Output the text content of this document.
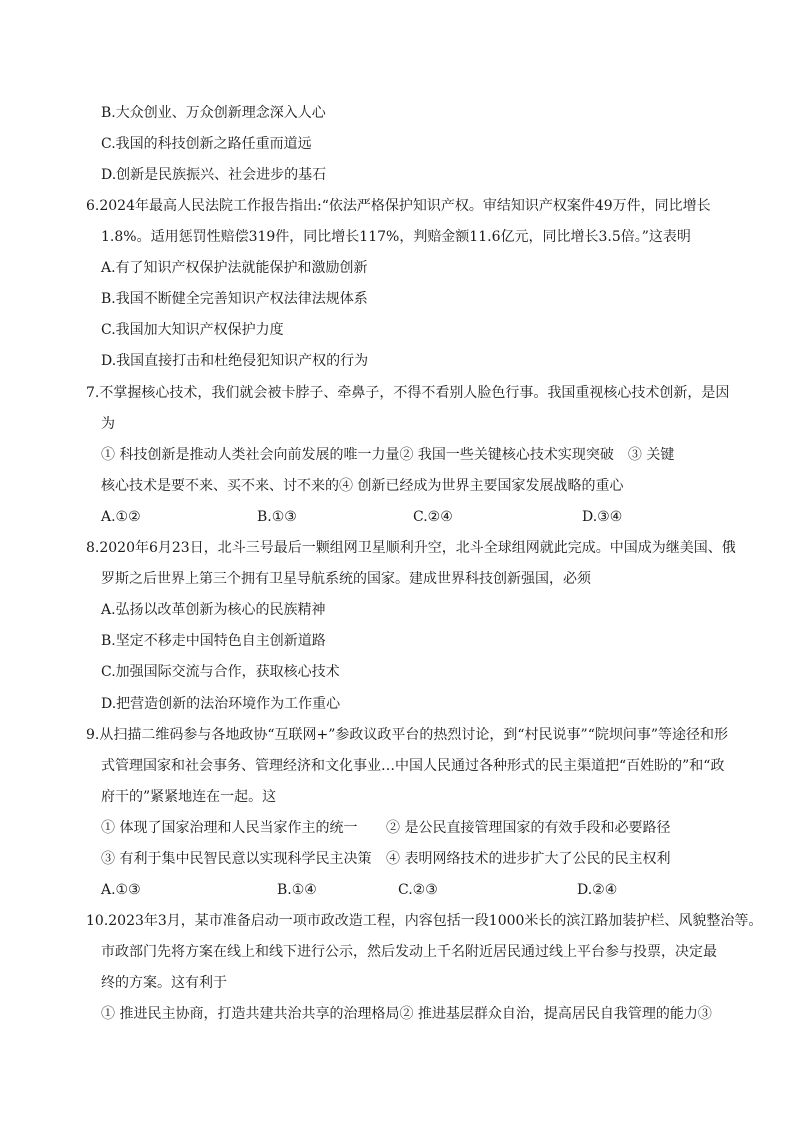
B.大众创业、万众创新理念深入人心
C.我国的科技创新之路任重而道远
D.创新是民族振兴、社会进步的基石
6.2024年最高人民法院工作报告指出:“依法严格保护知识产权。审结知识产权案件49万件，同比增长
1.8%。适用惩罚性赔偿319件，同比增长117%，判赔金额11.6亿元，同比增长3.5倍。”这表明
A.有了知识产权保护法就能保护和激励创新
B.我国不断健全完善知识产权法律法规体系
C.我国加大知识产权保护力度
D.我国直接打击和杜绝侵犯知识产权的行为
7.不掌握核心技术，我们就会被卡脖子、牵鼻子，不得不看别人脸色行事。我国重视核心技术创新，是因
为
① 科技创新是推动人类社会向前发展的唯一力量② 我国一些关键核心技术实现突破　③ 关键
核心技术是要不来、买不来、讨不来的④ 创新已经成为世界主要国家发展战略的重心
A.①②	B.①③	C.②④	D.③④
8.2020年6月23日，北斗三号最后一颗组网卫星顺利升空，北斗全球组网就此完成。中国成为继美国、俄
罗斯之后世界上第三个拥有卫星导航系统的国家。建成世界科技创新强国，必须
A.弘扬以改革创新为核心的民族精神
B.坚定不移走中国特色自主创新道路
C.加强国际交流与合作，获取核心技术
D.把营造创新的法治环境作为工作重心
9.从扫描二维码参与各地政协“互联网+”参政议政平台的热烈讨论，到“村民说事”“院坝问事”等途径和形
式管理国家和社会事务、管理经济和文化事业…中国人民通过各种形式的民主渠道把“百姓盼的”和“政
府干的”紧紧地连在一起。这
① 体现了国家治理和人民当家作主的统一 ② 是公民直接管理国家的有效手段和必要路径
③ 有利于集中民智民意以实现科学民主决策 ④ 表明网络技术的进步扩大了公民的民主权利
A.①③	B.①④	C.②③	D.②④
10.2023年3月，某市准备启动一项市政改造工程，内容包括一段1000米长的滨江路加装护栏、风貌整治等。
市政部门先将方案在线上和线下进行公示，然后发动上千名附近居民通过线上平台参与投票，决定最
终的方案。这有利于
① 推进民主协商，打造共建共治共享的治理格局② 推进基层群众自治，提高居民自我管理的能力③
